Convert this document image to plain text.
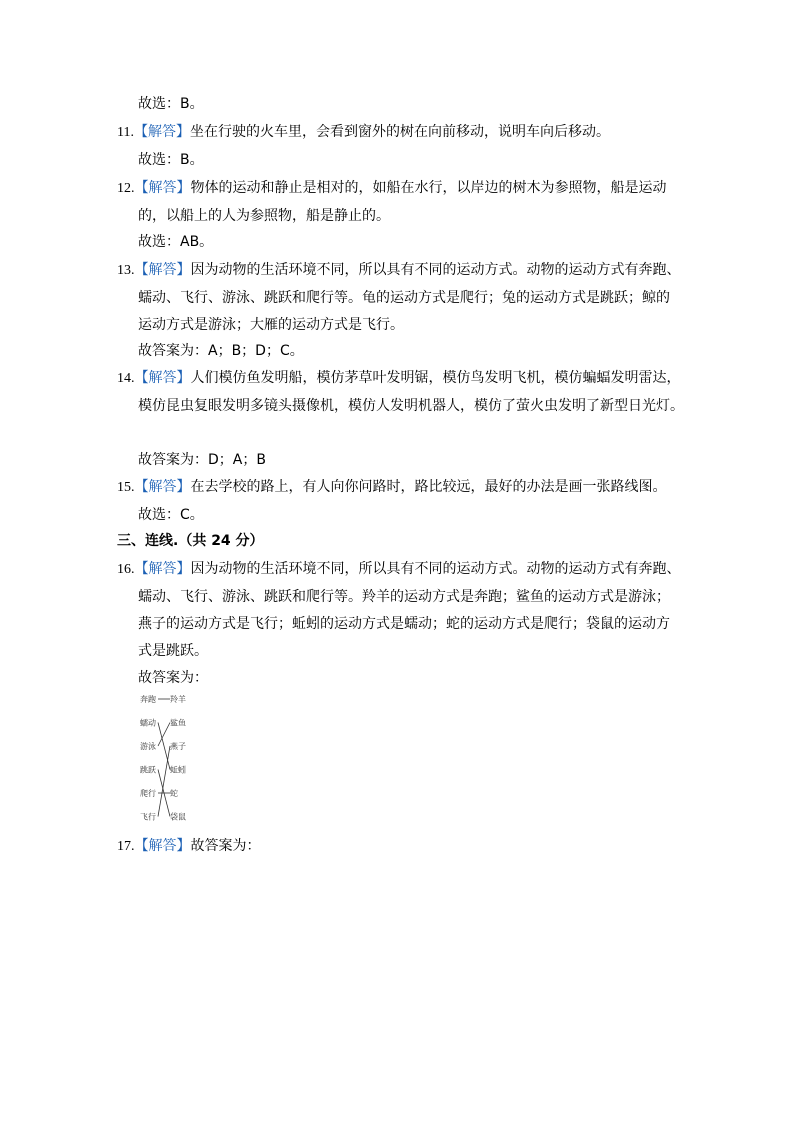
故选：B。
11.【解答】坐在行驶的火车里，会看到窗外的树在向前移动，说明车向后移动。
故选：B。
12.【解答】物体的运动和静止是相对的，如船在水行，以岸边的树木为参照物，船是运动
的，以船上的人为参照物，船是静止的。
故选：AB。
13.【解答】因为动物的生活环境不同，所以具有不同的运动方式。动物的运动方式有奔跑、
蠕动、飞行、游泳、跳跃和爬行等。龟的运动方式是爬行；兔的运动方式是跳跃；鲸的
运动方式是游泳；大雁的运动方式是飞行。
故答案为：A；B；D；C。
14.【解答】人们模仿鱼发明船，模仿茅草叶发明锯，模仿鸟发明飞机，模仿蝙蝠发明雷达，
模仿昆虫复眼发明多镜头摄像机，模仿人发明机器人，模仿了萤火虫发明了新型日光灯。
故答案为：D；A；B
15.【解答】在去学校的路上，有人向你问路时，路比较远，最好的办法是画一张路线图。
故选：C。
三、连线.（共 24 分）
16.【解答】因为动物的生活环境不同，所以具有不同的运动方式。动物的运动方式有奔跑、
蠕动、飞行、游泳、跳跃和爬行等。羚羊的运动方式是奔跑；鲨鱼的运动方式是游泳；
燕子的运动方式是飞行；蚯蚓的运动方式是蠕动；蛇的运动方式是爬行；袋鼠的运动方
式是跳跃。
故答案为：
奔跑
蠕动
游泳
跳跃
爬行
飞行
羚羊
鲨鱼
燕子
蚯蚓
蛇
袋鼠
17.【解答】故答案为：
